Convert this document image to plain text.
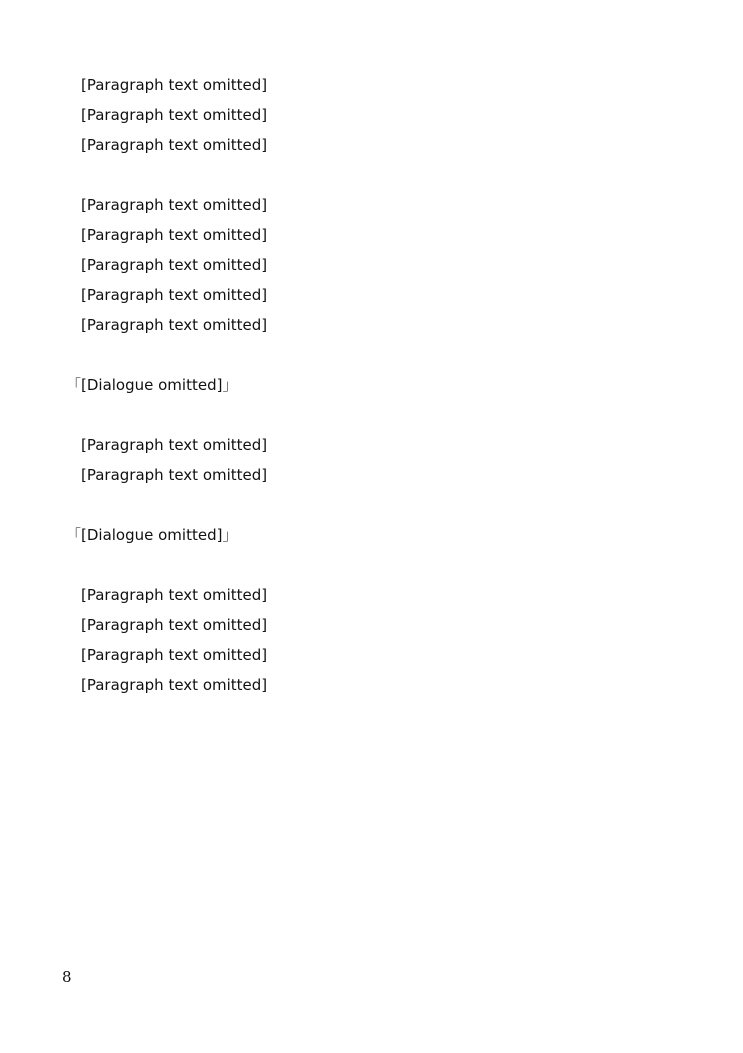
[Paragraph text omitted]
[Paragraph text omitted]
[Paragraph text omitted]
[Paragraph text omitted]
[Paragraph text omitted]
[Paragraph text omitted]
[Paragraph text omitted]
[Paragraph text omitted]
「[Dialogue omitted]」
[Paragraph text omitted]
[Paragraph text omitted]
「[Dialogue omitted]」
[Paragraph text omitted]
[Paragraph text omitted]
[Paragraph text omitted]
[Paragraph text omitted]
8
